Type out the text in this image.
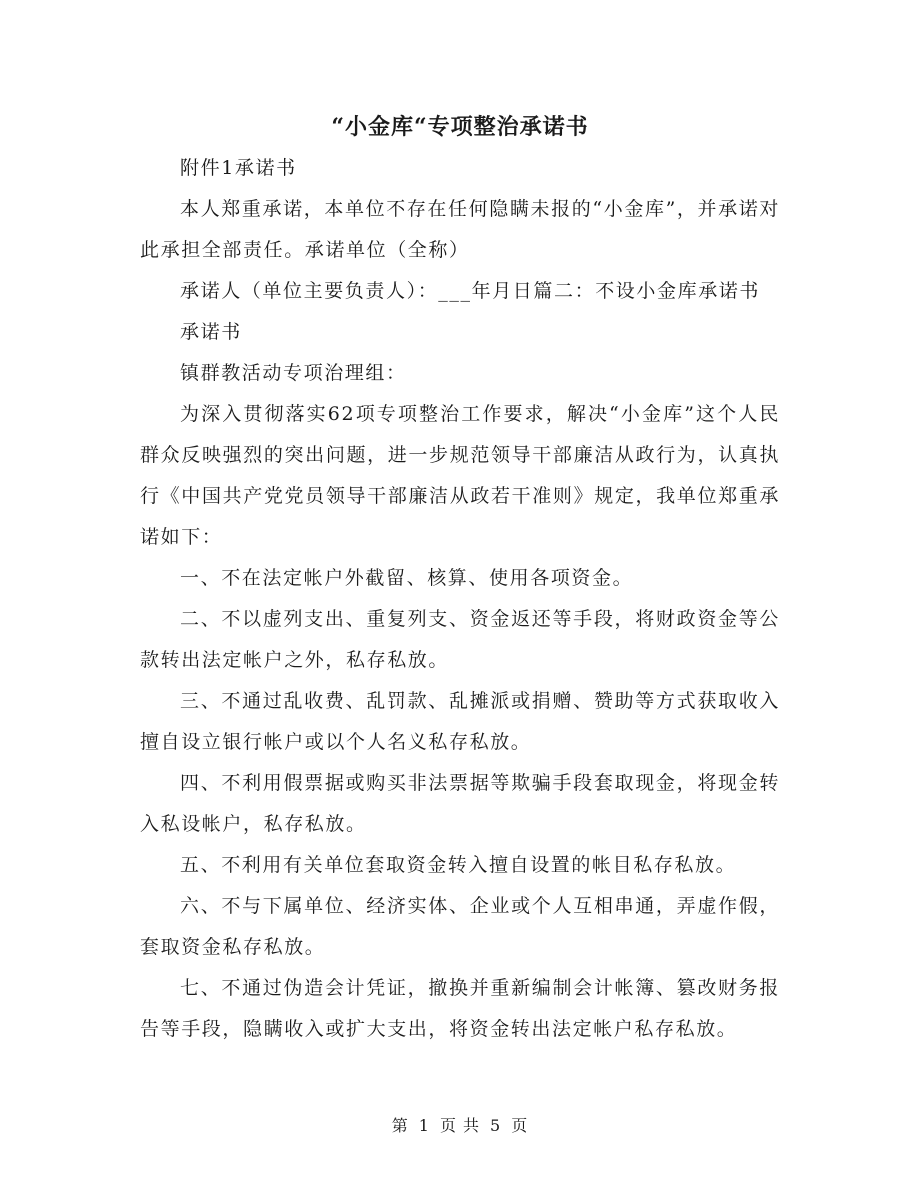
“小金库“专项整治承诺书

附件1承诺书

本人郑重承诺，本单位不存在任何隐瞒未报的“小金库”，并承诺对此承担全部责任。承诺单位（全称）

承诺人（单位主要负责人）：___年月日篇二：不设小金库承诺书

承诺书

镇群教活动专项治理组：

为深入贯彻落实62项专项整治工作要求，解决“小金库”这个人民群众反映强烈的突出问题，进一步规范领导干部廉洁从政行为，认真执行《中国共产党党员领导干部廉洁从政若干准则》规定，我单位郑重承诺如下：

一、不在法定帐户外截留、核算、使用各项资金。

二、不以虚列支出、重复列支、资金返还等手段，将财政资金等公款转出法定帐户之外，私存私放。

三、不通过乱收费、乱罚款、乱摊派或捐赠、赞助等方式获取收入擅自设立银行帐户或以个人名义私存私放。

四、不利用假票据或购买非法票据等欺骗手段套取现金，将现金转入私设帐户，私存私放。

五、不利用有关单位套取资金转入擅自设置的帐目私存私放。

六、不与下属单位、经济实体、企业或个人互相串通，弄虚作假，套取资金私存私放。

七、不通过伪造会计凭证，撤换并重新编制会计帐簿、篡改财务报告等手段，隐瞒收入或扩大支出，将资金转出法定帐户私存私放。

第 1 页 共 5 页
